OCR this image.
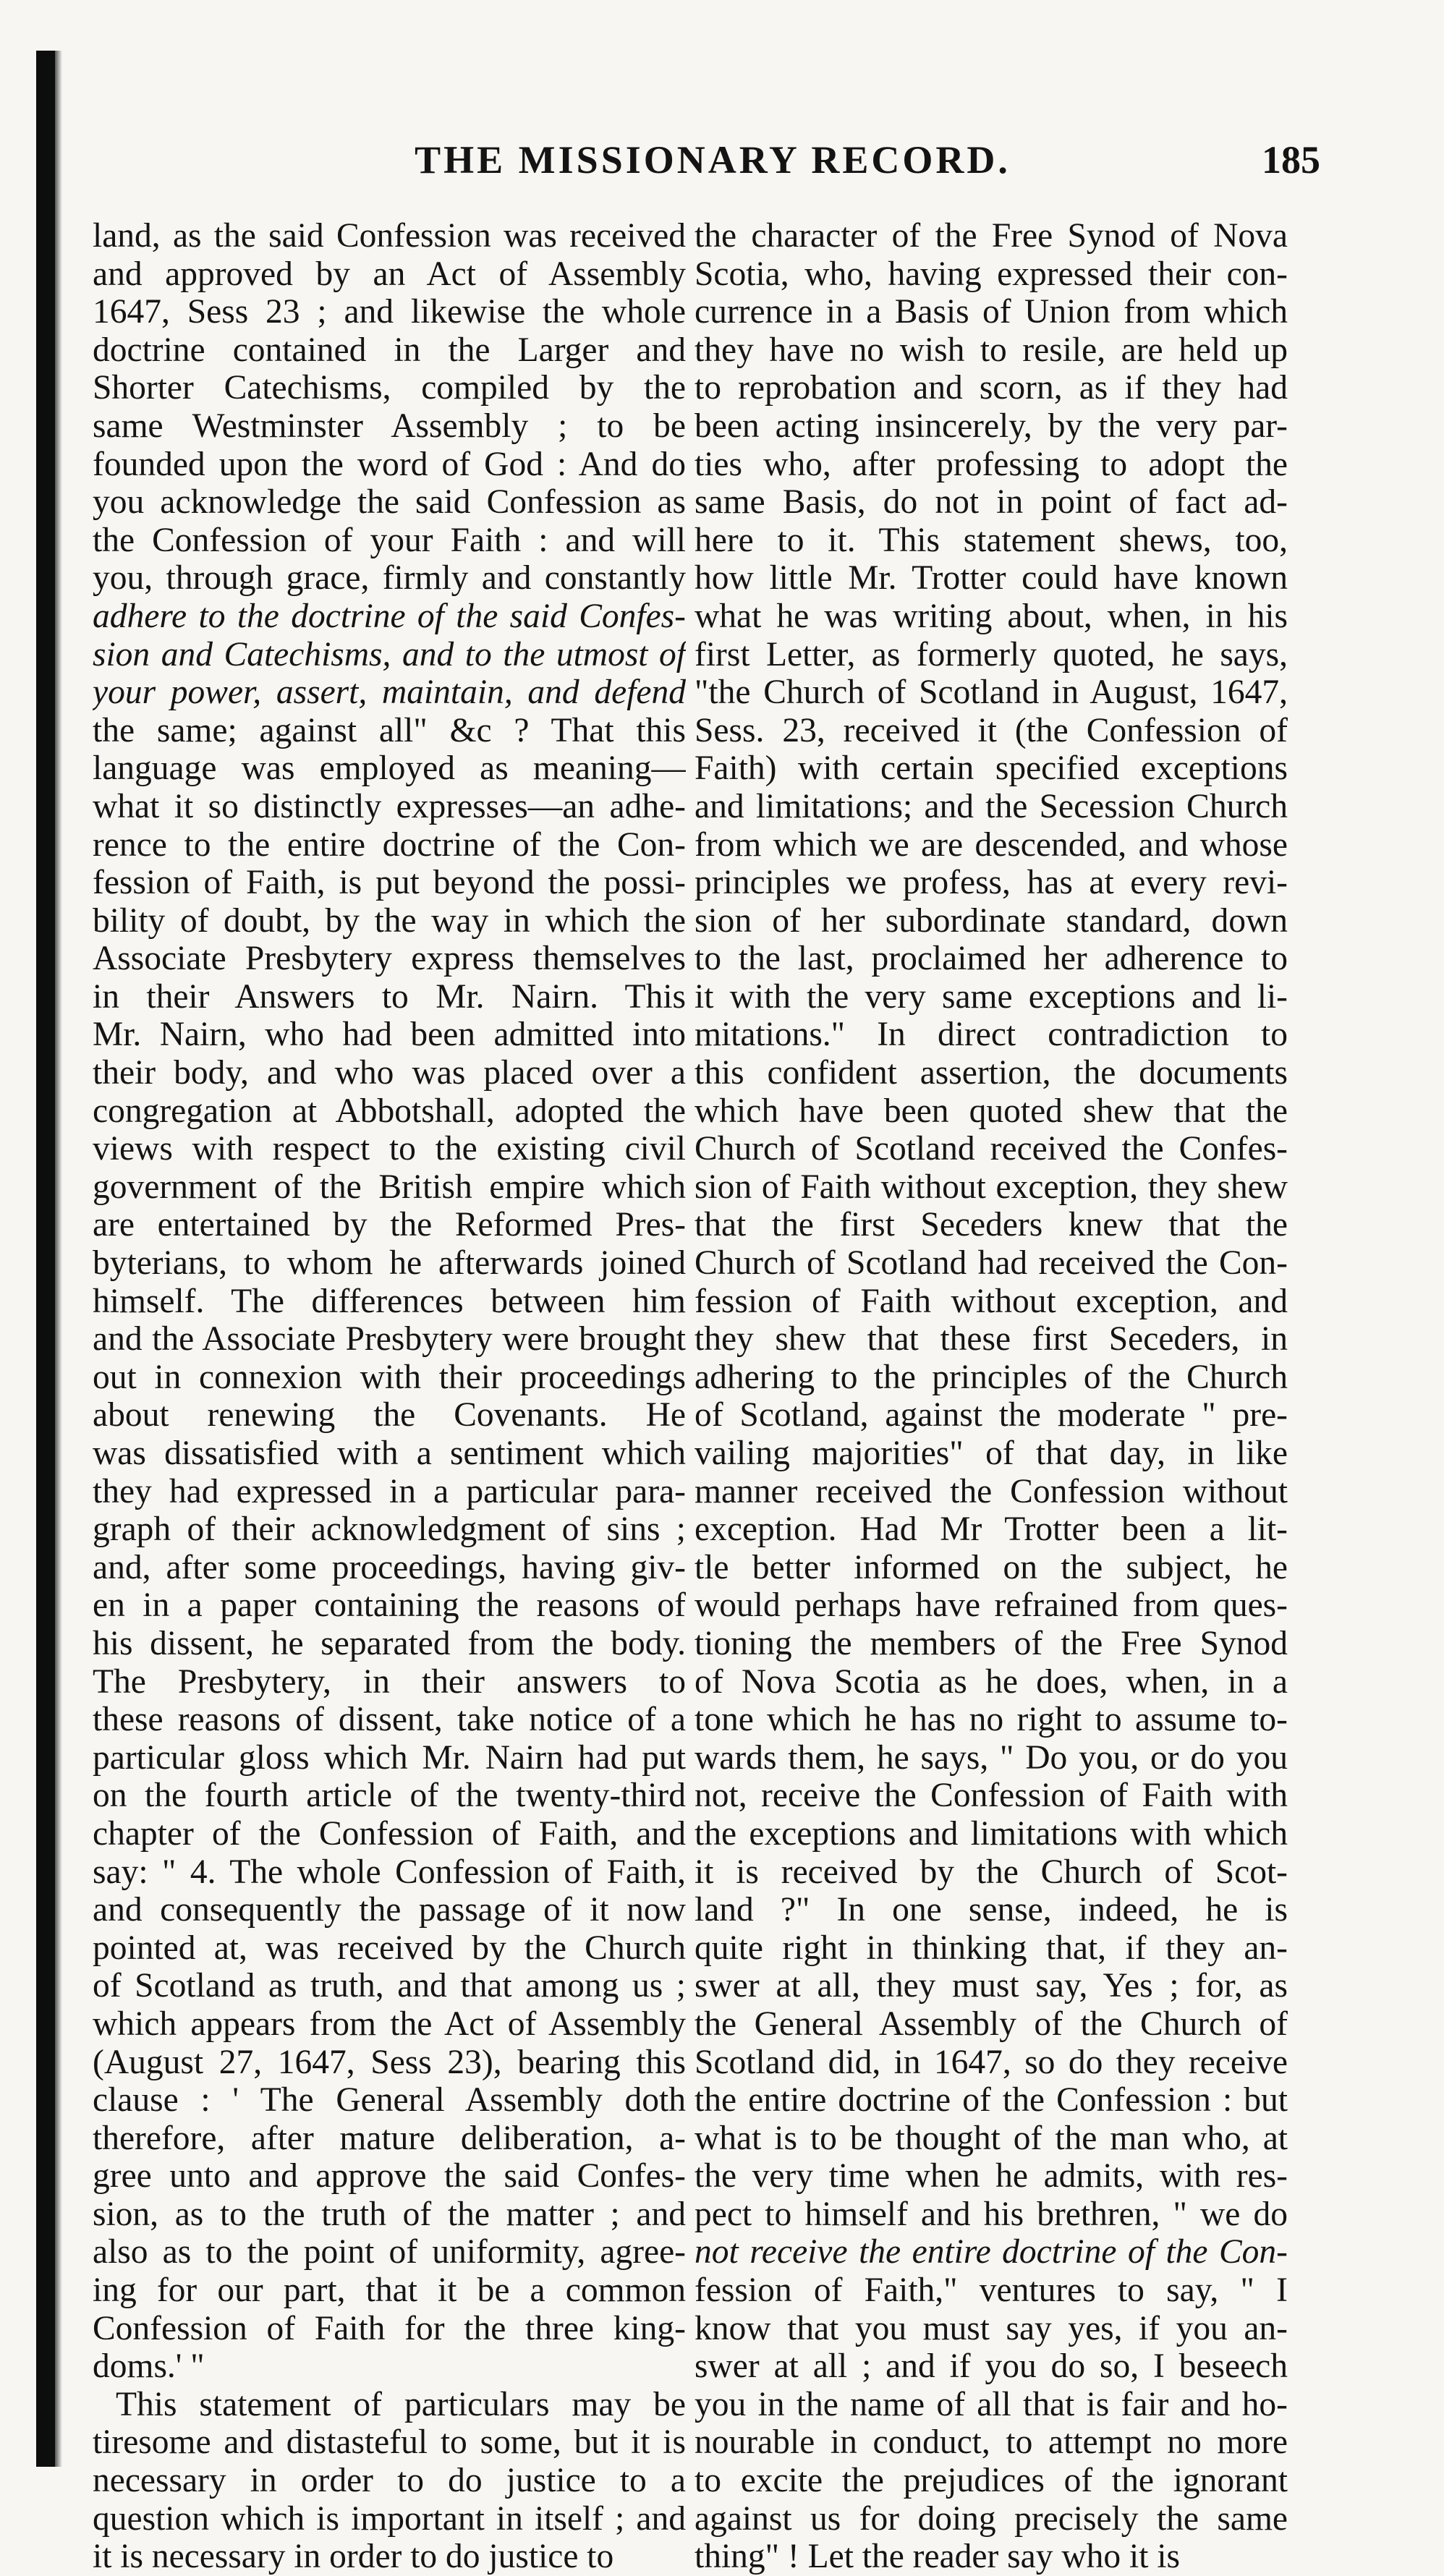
THE MISSIONARY RECORD.	185
land, as the said Confession was received
and approved by an Act of Assembly
1647, Sess 23 ; and likewise the whole
doctrine contained in the Larger and
Shorter Catechisms, compiled by the
same Westminster Assembly ; to be
founded upon the word of God : And do
you acknowledge the said Confession as
the Confession of your Faith : and will
you, through grace, firmly and constantly
adhere to the doctrine of the said Confes-
sion and Catechisms, and to the utmost of
your power, assert, maintain, and defend
the same; against all" &c ? That this
language was employed as meaning—
what it so distinctly expresses—an adhe-
rence to the entire doctrine of the Con-
fession of Faith, is put beyond the possi-
bility of doubt, by the way in which the
Associate Presbytery express themselves
in their Answers to Mr. Nairn. This
Mr. Nairn, who had been admitted into
their body, and who was placed over a
congregation at Abbotshall, adopted the
views with respect to the existing civil
government of the British empire which
are entertained by the Reformed Pres-
byterians, to whom he afterwards joined
himself. The differences between him
and the Associate Presbytery were brought
out in connexion with their proceedings
about renewing the Covenants. He
was dissatisfied with a sentiment which
they had expressed in a particular para-
graph of their acknowledgment of sins ;
and, after some proceedings, having giv-
en in a paper containing the reasons of
his dissent, he separated from the body.
The Presbytery, in their answers to
these reasons of dissent, take notice of a
particular gloss which Mr. Nairn had put
on the fourth article of the twenty-third
chapter of the Confession of Faith, and
say: " 4. The whole Confession of Faith,
and consequently the passage of it now
pointed at, was received by the Church
of Scotland as truth, and that among us ;
which appears from the Act of Assembly
(August 27, 1647, Sess 23), bearing this
clause : ' The General Assembly doth
therefore, after mature deliberation, a-
gree unto and approve the said Confes-
sion, as to the truth of the matter ; and
also as to the point of uniformity, agree-
ing for our part, that it be a common
Confession of Faith for the three king-
doms.' "
This statement of particulars may be
tiresome and distasteful to some, but it is
necessary in order to do justice to a
question which is important in itself ; and
it is necessary in order to do justice to
the character of the Free Synod of Nova
Scotia, who, having expressed their con-
currence in a Basis of Union from which
they have no wish to resile, are held up
to reprobation and scorn, as if they had
been acting insincerely, by the very par-
ties who, after professing to adopt the
same Basis, do not in point of fact ad-
here to it. This statement shews, too,
how little Mr. Trotter could have known
what he was writing about, when, in his
first Letter, as formerly quoted, he says,
"the Church of Scotland in August, 1647,
Sess. 23, received it (the Confession of
Faith) with certain specified exceptions
and limitations; and the Secession Church
from which we are descended, and whose
principles we profess, has at every revi-
sion of her subordinate standard, down
to the last, proclaimed her adherence to
it with the very same exceptions and li-
mitations." In direct contradiction to
this confident assertion, the documents
which have been quoted shew that the
Church of Scotland received the Confes-
sion of Faith without exception, they shew
that the first Seceders knew that the
Church of Scotland had received the Con-
fession of Faith without exception, and
they shew that these first Seceders, in
adhering to the principles of the Church
of Scotland, against the moderate " pre-
vailing majorities" of that day, in like
manner received the Confession without
exception. Had Mr Trotter been a lit-
tle better informed on the subject, he
would perhaps have refrained from ques-
tioning the members of the Free Synod
of Nova Scotia as he does, when, in a
tone which he has no right to assume to-
wards them, he says, " Do you, or do you
not, receive the Confession of Faith with
the exceptions and limitations with which
it is received by the Church of Scot-
land ?" In one sense, indeed, he is
quite right in thinking that, if they an-
swer at all, they must say, Yes ; for, as
the General Assembly of the Church of
Scotland did, in 1647, so do they receive
the entire doctrine of the Confession : but
what is to be thought of the man who, at
the very time when he admits, with res-
pect to himself and his brethren, " we do
not receive the entire doctrine of the Con-
fession of Faith," ventures to say, " I
know that you must say yes, if you an-
swer at all ; and if you do so, I beseech
you in the name of all that is fair and ho-
nourable in conduct, to attempt no more
to excite the prejudices of the ignorant
against us for doing precisely the same
thing" ! Let the reader say who it is
